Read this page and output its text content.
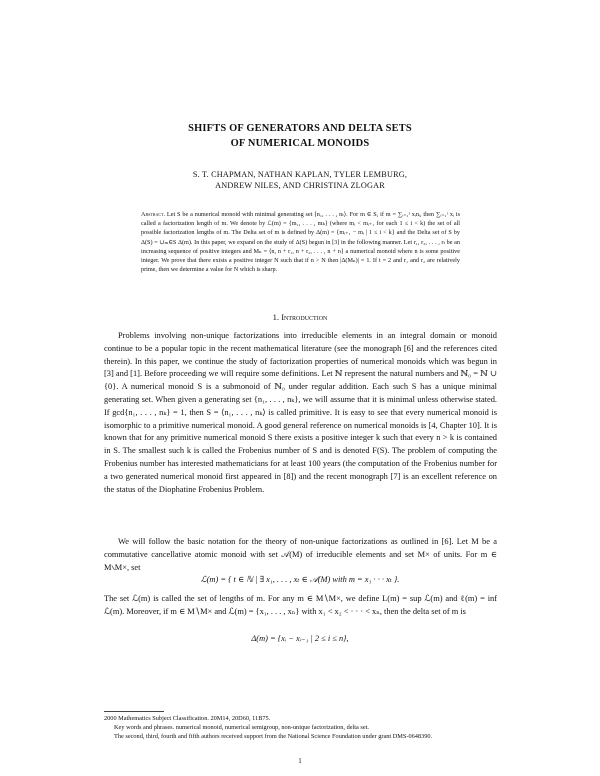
SHIFTS OF GENERATORS AND DELTA SETS
OF NUMERICAL MONOIDS
S. T. CHAPMAN, NATHAN KAPLAN, TYLER LEMBURG,
ANDREW NILES, AND CHRISTINA ZLOGAR
Abstract. Let S be a numerical monoid with minimal generating set ⟨n₁, . . . , nₜ⟩. For m ∈ S, if m = ∑ᵢ₌₁ᵗ xᵢnᵢ, then ∑ᵢ₌₁ᵗ xᵢ is called a factorization length of m. We denote by ℒ(m) = {m₁, . . . , mₖ} (where mᵢ < mᵢ₊₁ for each 1 ≤ i < k) the set of all possible factorization lengths of m. The Delta set of m is defined by Δ(m) = {mᵢ₊₁ − mᵢ | 1 ≤ i < k} and the Delta set of S by Δ(S) = ∪ₘ∈S Δ(m). In this paper, we expand on the study of Δ(S) begun in [3] in the following manner. Let r₁, r₂, . . . , rₜ be an increasing sequence of positive integers and Mₙ = ⟨n, n + r₁, n + r₂, . . . , n + rₜ⟩ a numerical monoid where n is some positive integer. We prove that there exists a positive integer N such that if n > N then |Δ(Mₙ)| = 1. If t = 2 and r₁ and r₂ are relatively prime, then we determine a value for N which is sharp.
1. Introduction
Problems involving non-unique factorizations into irreducible elements in an integral domain or monoid continue to be a popular topic in the recent mathematical literature (see the monograph [6] and the references cited therein). In this paper, we continue the study of factorization properties of numerical monoids which was begun in [3] and [1]. Before proceeding we will require some definitions. Let ℕ represent the natural numbers and ℕ₀ = ℕ ∪ {0}. A numerical monoid S is a submonoid of ℕ₀ under regular addition. Each such S has a unique minimal generating set. When given a generating set {n₁, . . . , nₖ}, we will assume that it is minimal unless otherwise stated. If gcd{n₁, . . . , nₖ} = 1, then S = ⟨n₁, . . . , nₖ⟩ is called primitive. It is easy to see that every numerical monoid is isomorphic to a primitive numerical monoid. A good general reference on numerical monoids is [4, Chapter 10]. It is known that for any primitive numerical monoid S there exists a positive integer k such that every n > k is contained in S. The smallest such k is called the Frobenius number of S and is denoted F(S). The problem of computing the Frobenius number has interested mathematicians for at least 100 years (the computation of the Frobenius number for a two generated numerical monoid first appeared in [8]) and the recent monograph [7] is an excellent reference on the status of the Diophatine Frobenius Problem.
We will follow the basic notation for the theory of non-unique factorizations as outlined in [6]. Let M be a commutative cancellative atomic monoid with set 𝒜(M) of irreducible elements and set M× of units. For m ∈ M∖M×, set
ℒ(m) = { t ∈ ℕ | ∃ x₁, . . . , xₜ ∈ 𝒜(M) with m = x₁ · · · xₜ }.
The set ℒ(m) is called the set of lengths of m. For any m ∈ M∖M×, we define L(m) = sup ℒ(m) and ℓ(m) = inf ℒ(m). Moreover, if m ∈ M∖M× and ℒ(m) = {x₁, . . . , xₙ} with x₁ < x₂ < · · · < xₙ, then the delta set of m is
Δ(m) = {xᵢ − xᵢ₋₁ | 2 ≤ i ≤ n},
2000 Mathematics Subject Classification. 20M14, 20D60, 11B75.
Key words and phrases. numerical monoid, numerical semigroup, non-unique factorization, delta set.
The second, third, fourth and fifth authors received support from the National Science Foundation under grant DMS-0648390.
1
